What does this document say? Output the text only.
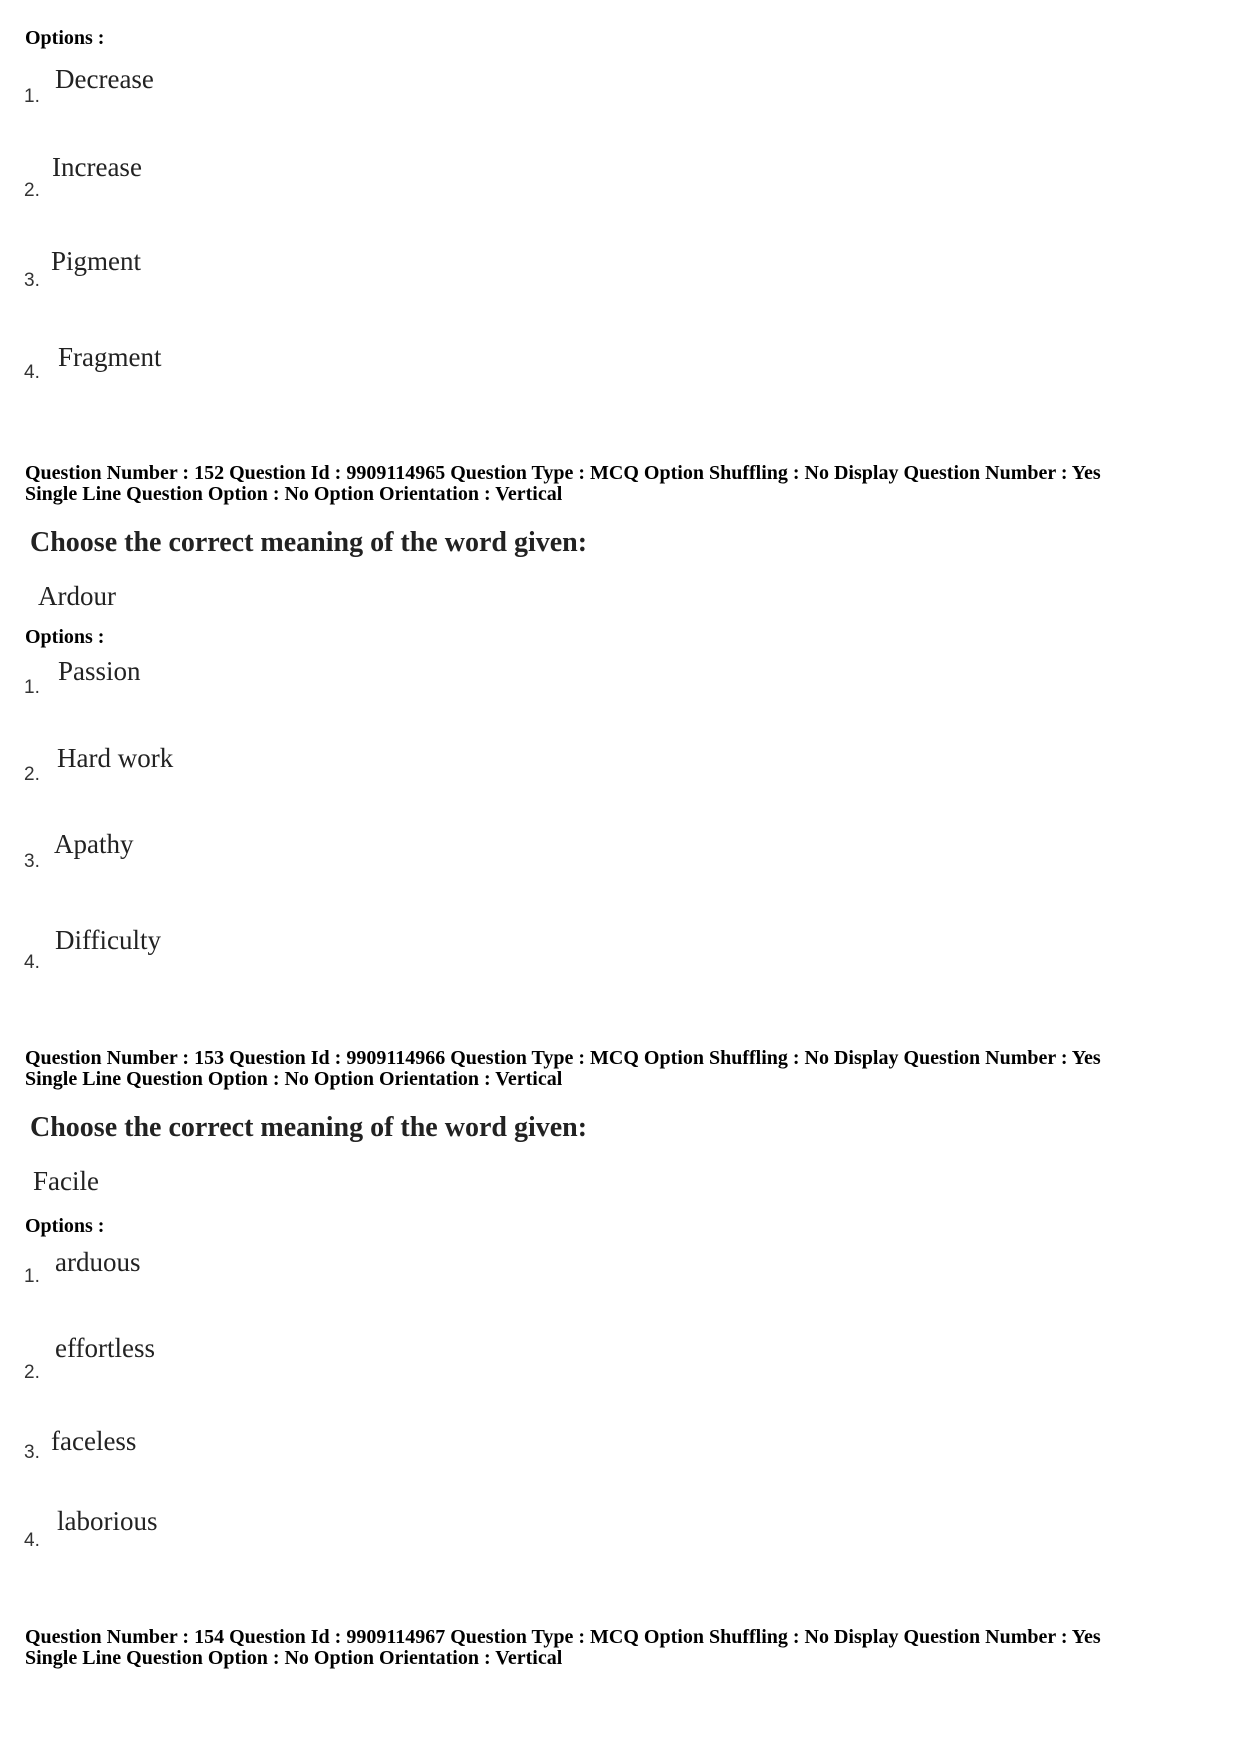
Options :
1.
Decrease
2.
Increase
3.
Pigment
4.
Fragment
Question Number : 152 Question Id : 9909114965 Question Type : MCQ Option Shuffling : No Display Question Number : Yes
Single Line Question Option : No Option Orientation : Vertical
Choose the correct meaning of the word given:
Ardour
Options :
1.
Passion
2.
Hard work
3.
Apathy
4.
Difficulty
Question Number : 153 Question Id : 9909114966 Question Type : MCQ Option Shuffling : No Display Question Number : Yes
Single Line Question Option : No Option Orientation : Vertical
Choose the correct meaning of the word given:
Facile
Options :
1. arduous
2.
effortless
3. faceless
4.
laborious
Question Number : 154 Question Id : 9909114967 Question Type : MCQ Option Shuffling : No Display Question Number : Yes
Single Line Question Option : No Option Orientation : Vertical
